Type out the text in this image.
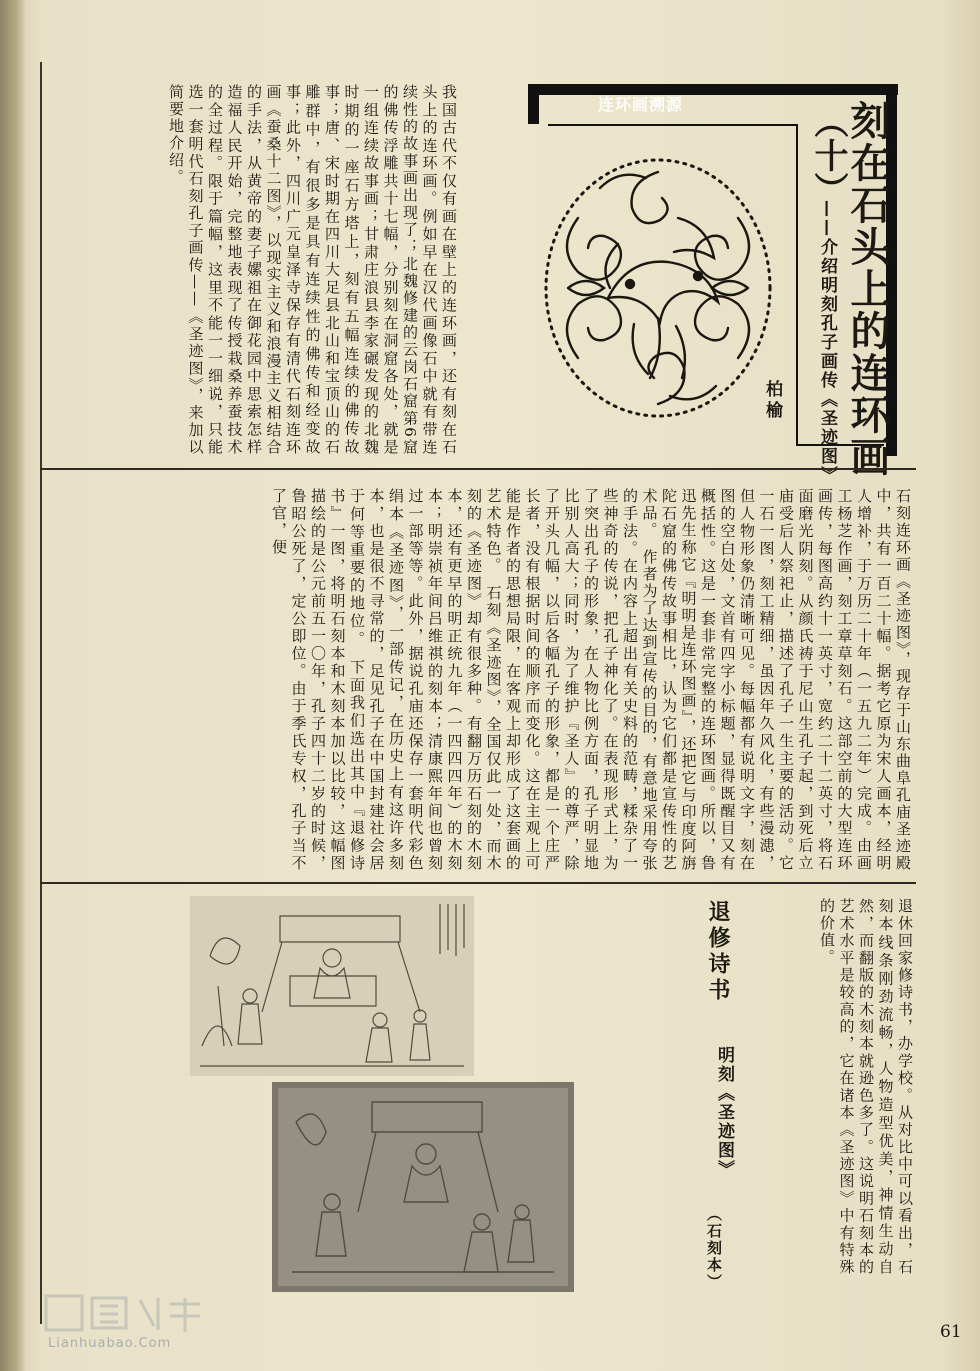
连环画溯源	刻在石头上的连环画
（十）
——介绍明刻孔子画传《圣迹图》
柏榆
我国古代不仅有画在壁上的连环画，还有刻在石头上的连环画。例如早在汉代画像石中就有带连续性的故事画出现了；北魏修建的云岗石窟第6窟的佛传浮雕共十七幅，分别刻在洞窟各处，就是一组连续故事画；甘肃庄浪县李家碾发现的北魏时期的一座石方塔上，刻有五幅连续的佛传故事；唐、宋时期在四川大足县北山和宝顶山的石雕群中，有很多是具有连续性的佛传和经变故事；此外，四川广元皇泽寺保存有清代石刻连环画《蚕桑十二图》，以现实主义和浪漫主义相结合的手法，从黄帝的妻子嫘祖在御花园中思索怎样造福人民开始，完整地表现了传授栽桑养蚕技术的全过程。限于篇幅，这里不能一一细说，只能选一套明代石刻孔子画传——《圣迹图》，来加以简要地介绍。
石刻连环画《圣迹图》，现存于山东曲阜孔庙圣迹殿中，共有一百二十幅。据考它原为宋人画本，经明人增补，于万历二十年（一五九二年）完成。由画工杨芝作画，刻工章草刻石。这部空前的大型连环画传，每图高约十一英寸，宽约二十二英寸，将石面磨光阴刻。从颜氏祷于尼山生孔子起，到死后立庙受后人祭祀止，描述了孔子一生主要的活动。它一石一图，刻工精细，虽因年久风化，有些漫漶，但人物形象仍清晰可见。每幅都有说明文字，刻在图的空白处，文首有四字小标题，显得既醒目又有概括性。这是一套非常完整的连环图画。所以，鲁迅先生称它『明明是连环图画』，还把它与印度阿旃陀石窟的佛传故事相比，认为它们都是宣传性的艺术品。　作者为了达到宣传的目的，有意地采用夸张的手法。在内容上超出有关史料的范畴，糅杂了一些神奇的传说，把孔子神化了。在表现形式上，为了突出孔子的形象，在人物比例方面，孔子明显地比别人高大；同时，为了维护『圣人』的尊严，除了开头几幅，以后各幅孔子的形象，都是一个庄严长者，没有根据时间的顺序而变化。这在主观上可能是作者的思想局限，在客观上却形成了这套画的艺术特色。　石刻《圣迹图》，全国仅此一处，而木刻的《圣迹图》却有很多种。有翻万历石刻的木刻本，还有更早的明正统九年（一四四四年）的木刻本；明崇祯年间吕维祺的刻本；清康熙年间也曾刻过一部等等。此外，据说孔庙还保存一套明代彩色绢本《圣迹图》，一部传记，在历史上有这许多刻本，也是很不寻常的，足见孔子在中国封建社会居于何等重要的地位。　下面我们选出其中『退修诗书』一图，将明石刻本和木刻本加以比较，这幅图描绘的是公元前五一〇年，孔子四十二岁的时候，鲁昭公死了，定公即位。由于季氏专权，孔子当不了官，便
退休回家修诗书，办学校。从对比中可以看出，石刻本线条刚劲流畅，人物造型优美，神情生动自然，而翻版的木刻本就逊色多了。这说明石刻本的艺术水平是较高的，它在诸本《圣迹图》中有特殊的价值。
退修诗书
明刻《圣迹图》
（石刻本）
Lianhuabao.Com
61
